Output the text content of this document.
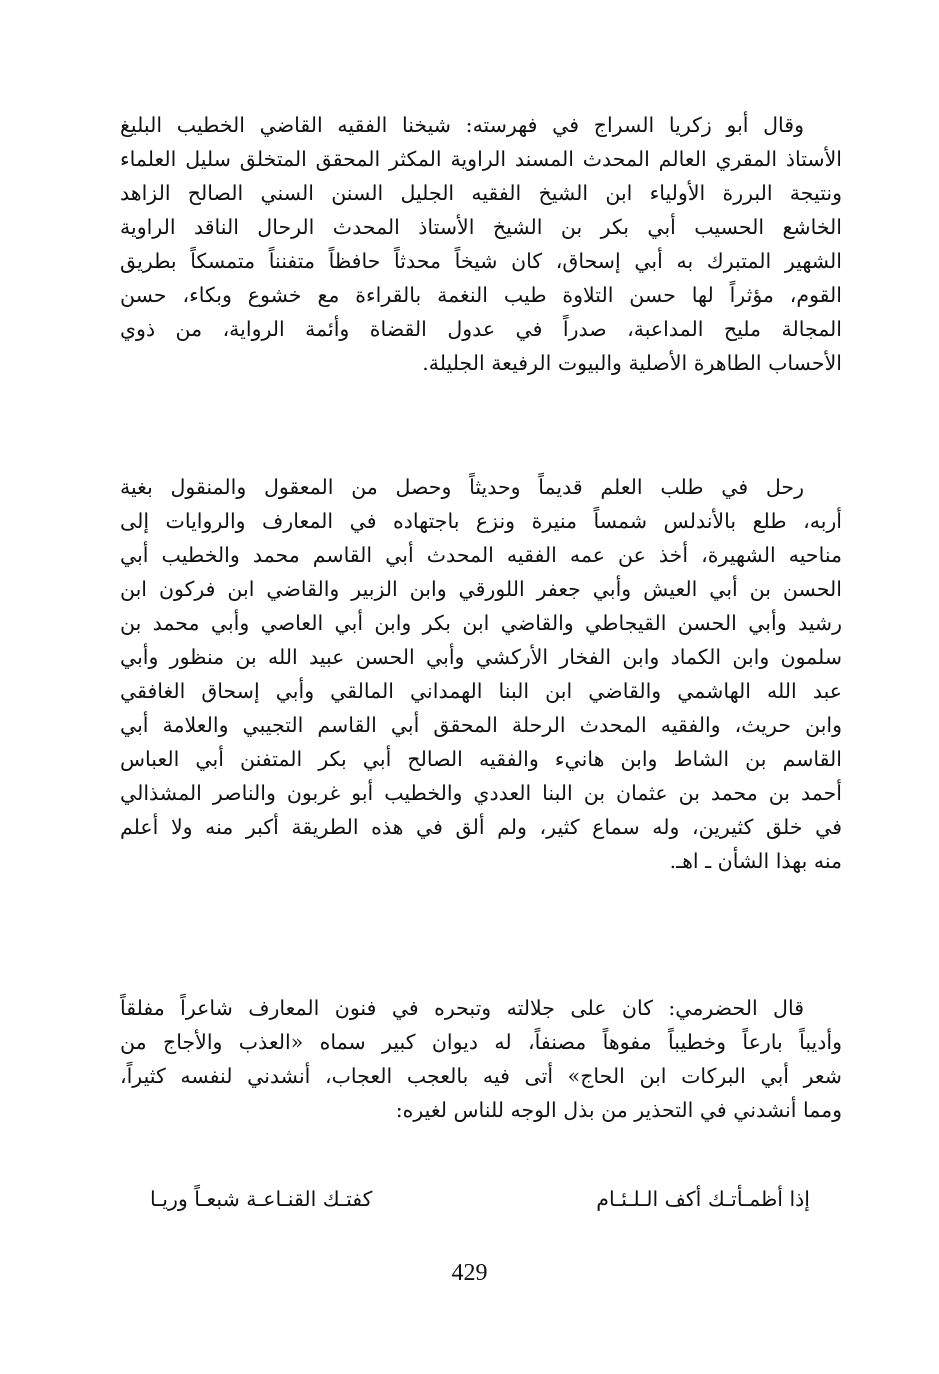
وقال أبو زكريا السراج في فهرسته: شيخنا الفقيه القاضي الخطيب البليغ
الأستاذ المقري العالم المحدث المسند الراوية المكثر المحقق المتخلق سليل العلماء
ونتيجة البررة الأولياء ابن الشيخ الفقيه الجليل السنن السني الصالح الزاهد
الخاشع الحسيب أبي بكر بن الشيخ الأستاذ المحدث الرحال الناقد الراوية
الشهير المتبرك به أبي إسحاق، كان شيخاً محدثاً حافظاً متفنناً متمسكاً بطريق
القوم، مؤثراً لها حسن التلاوة طيب النغمة بالقراءة مع خشوع وبكاء، حسن
المجالة مليح المداعبة، صدراً في عدول القضاة وأئمة الرواية، من ذوي
الأحساب الطاهرة الأصلية والبيوت الرفيعة الجليلة.
رحل في طلب العلم قديماً وحديثاً وحصل من المعقول والمنقول بغية
أربه، طلع بالأندلس شمساً منيرة ونزع باجتهاده في المعارف والروايات إلى
مناحيه الشهيرة، أخذ عن عمه الفقيه المحدث أبي القاسم محمد والخطيب أبي
الحسن بن أبي العيش وأبي جعفر اللورقي وابن الزبير والقاضي ابن فركون ابن
رشيد وأبي الحسن القيجاطي والقاضي ابن بكر وابن أبي العاصي وأبي محمد بن
سلمون وابن الكماد وابن الفخار الأركشي وأبي الحسن عبيد الله بن منظور وأبي
عبد الله الهاشمي والقاضي ابن البنا الهمداني المالقي وأبي إسحاق الغافقي
وابن حريث، والفقيه المحدث الرحلة المحقق أبي القاسم التجيبي والعلامة أبي
القاسم بن الشاط وابن هانيء والفقيه الصالح أبي بكر المتفنن أبي العباس
أحمد بن محمد بن عثمان بن البنا العددي والخطيب أبو غربون والناصر المشذالي
في خلق كثيرين، وله سماع كثير، ولم ألق في هذه الطريقة أكبر منه ولا أعلم
منه بهذا الشأن ـ اهـ.
قال الحضرمي: كان على جلالته وتبحره في فنون المعارف شاعراً مفلقاً
وأديباً بارعاً وخطيباً مفوهاً مصنفاً، له ديوان كبير سماه «العذب والأجاج من
شعر أبي البركات ابن الحاج» أتى فيه بالعجب العجاب، أنشدني لنفسه كثيراً،
ومما أنشدني في التحذير من بذل الوجه للناس لغيره:
إذا أظمـأتـك أكف الـلـئـام
كفتـك القنـاعـة شبعـاً وريـا
429
